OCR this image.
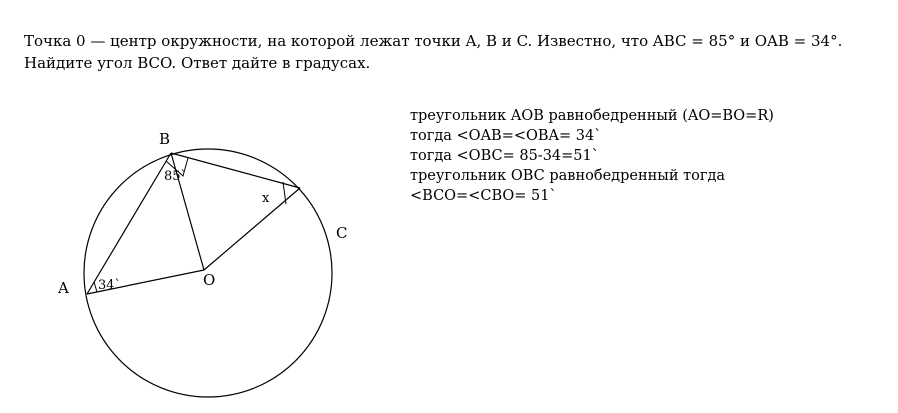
Точка 0 — центр окружности, на которой лежат точки A, B и C. Известно, что ABC = 85° и OAB = 34°. Найдите угол BCO. Ответ дайте в градусах.

B
A
C
O
85`
34`
x
треугольник AOB равнобедренный (AO=BO=R)
тогда <OAB=<OBA= 34`
тогда <OBC= 85-34=51`
треугольник OBC равнобедренный тогда
<BCO=<CBO= 51`
